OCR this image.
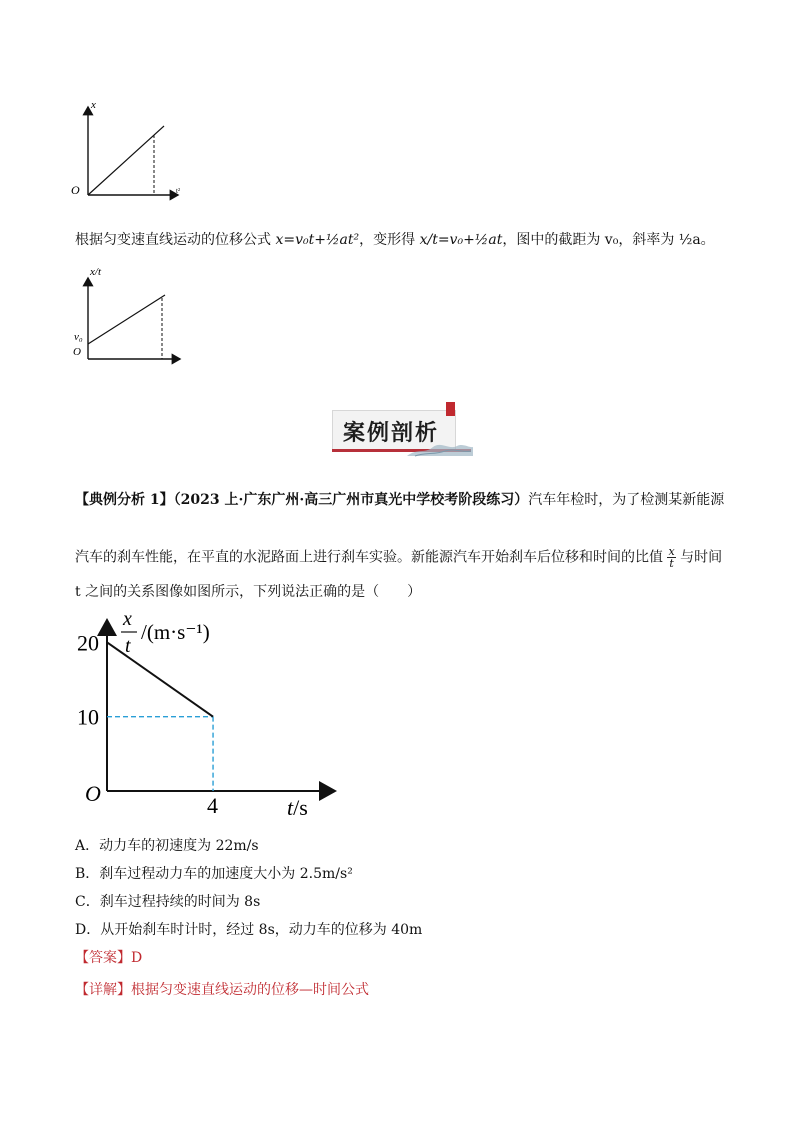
x
O	t²
根据匀变速直线运动的位移公式 x=v₀t+½at²，变形得 x/t=v₀+½at，图中的截距为 v₀，斜率为 ½a。
x/t
v₀
O
案例剖析
【典例分析 1】（2023 上·广东广州·高三广州市真光中学校考阶段练习）汽车年检时，为了检测某新能源
汽车的刹车性能，在平直的水泥路面上进行刹车实验。新能源汽车开始刹车后位移和时间的比值 $\frac{x}{t}$ 与时间
t 之间的关系图像如图所示，下列说法正确的是（　　）
20
10
4
O
t/s
x
t
/(m·s⁻¹)
A．动力车的初速度为 22m/s
B．刹车过程动力车的加速度大小为 2.5m/s²
C．刹车过程持续的时间为 8s
D．从开始刹车时计时，经过 8s，动力车的位移为 40m
【答案】D
【详解】根据匀变速直线运动的位移—时间公式
